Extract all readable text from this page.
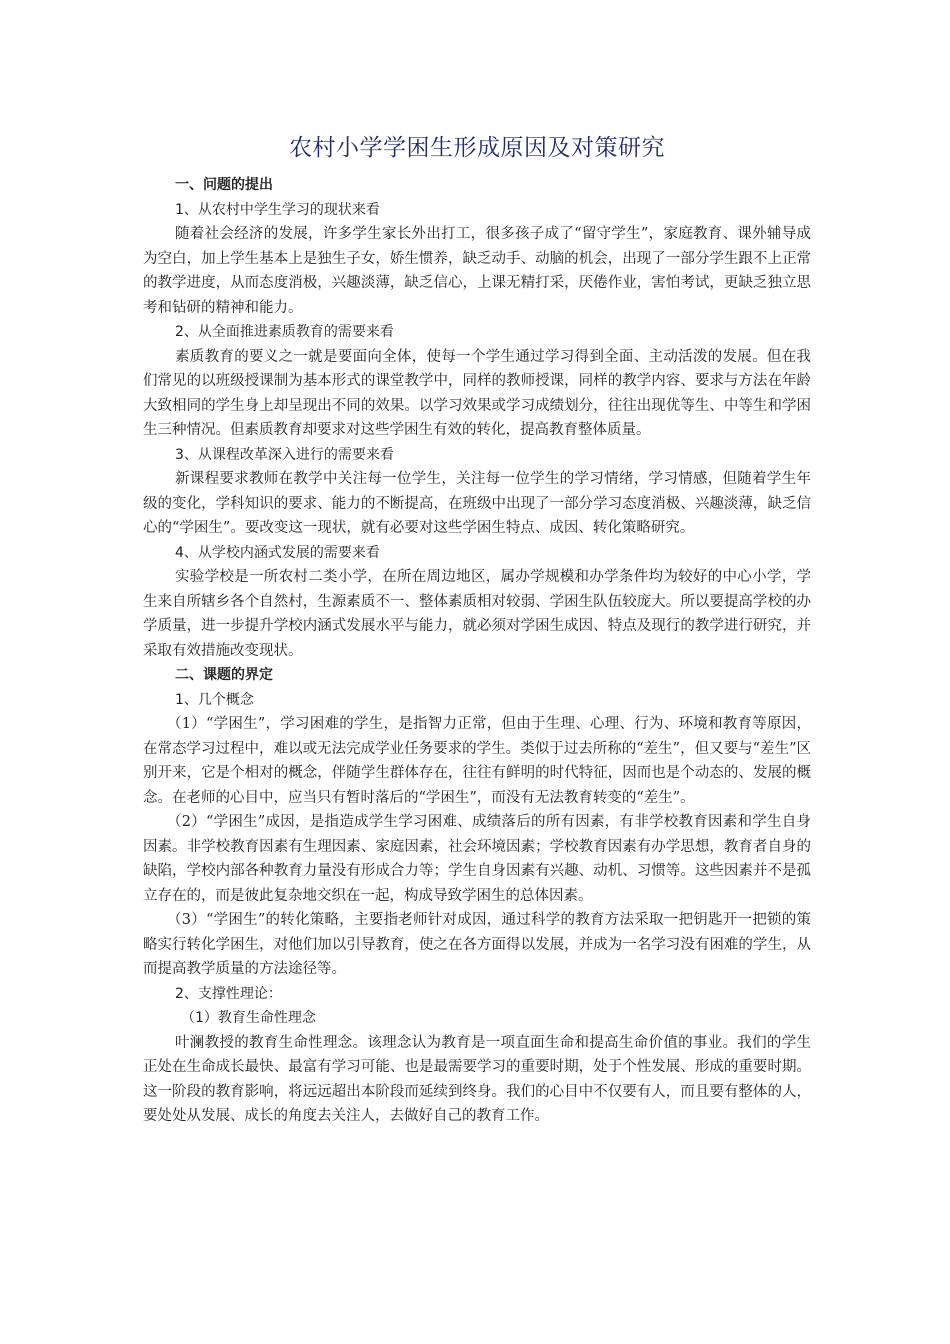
农村小学学困生形成原因及对策研究

一、问题的提出

1、从农村中学生学习的现状来看

随着社会经济的发展，许多学生家长外出打工，很多孩子成了“留守学生”，家庭教育、课外辅导成为空白，加上学生基本上是独生子女，娇生惯养，缺乏动手、动脑的机会，出现了一部分学生跟不上正常的教学进度，从而态度消极，兴趣淡薄，缺乏信心，上课无精打采，厌倦作业，害怕考试，更缺乏独立思考和钻研的精神和能力。

2、从全面推进素质教育的需要来看

素质教育的要义之一就是要面向全体，使每一个学生通过学习得到全面、主动活泼的发展。但在我们常见的以班级授课制为基本形式的课堂教学中，同样的教师授课，同样的教学内容、要求与方法在年龄大致相同的学生身上却呈现出不同的效果。以学习效果或学习成绩划分，往往出现优等生、中等生和学困生三种情况。但素质教育却要求对这些学困生有效的转化，提高教育整体质量。

3、从课程改革深入进行的需要来看

新课程要求教师在教学中关注每一位学生，关注每一位学生的学习情绪，学习情感，但随着学生年级的变化，学科知识的要求、能力的不断提高，在班级中出现了一部分学习态度消极、兴趣淡薄，缺乏信心的“学困生”。要改变这一现状，就有必要对这些学困生特点、成因、转化策略研究。

4、从学校内涵式发展的需要来看

实验学校是一所农村二类小学，在所在周边地区，属办学规模和办学条件均为较好的中心小学，学生来自所辖乡各个自然村，生源素质不一、整体素质相对较弱、学困生队伍较庞大。所以要提高学校的办学质量，进一步提升学校内涵式发展水平与能力，就必须对学困生成因、特点及现行的教学进行研究，并采取有效措施改变现状。

二、课题的界定

1、几个概念

（1）“学困生”，学习困难的学生，是指智力正常，但由于生理、心理、行为、环境和教育等原因，在常态学习过程中，难以或无法完成学业任务要求的学生。类似于过去所称的“差生”，但又要与“差生”区别开来，它是个相对的概念，伴随学生群体存在，往往有鲜明的时代特征，因而也是个动态的、发展的概念。在老师的心目中，应当只有暂时落后的“学困生”，而没有无法教育转变的“差生”。

（2）“学困生”成因，是指造成学生学习困难、成绩落后的所有因素，有非学校教育因素和学生自身因素。非学校教育因素有生理因素、家庭因素，社会环境因素；学校教育因素有办学思想，教育者自身的缺陷，学校内部各种教育力量没有形成合力等；学生自身因素有兴趣、动机、习惯等。这些因素并不是孤立存在的，而是彼此复杂地交织在一起，构成导致学困生的总体因素。

（3）“学困生”的转化策略，主要指老师针对成因，通过科学的教育方法采取一把钥匙开一把锁的策略实行转化学困生，对他们加以引导教育，使之在各方面得以发展，并成为一名学习没有困难的学生，从而提高教学质量的方法途径等。

2、支撑性理论：

（1）教育生命性理念

叶澜教授的教育生命性理念。该理念认为教育是一项直面生命和提高生命价值的事业。我们的学生正处在生命成长最快、最富有学习可能、也是最需要学习的重要时期，处于个性发展、形成的重要时期。这一阶段的教育影响，将远远超出本阶段而延续到终身。我们的心目中不仅要有人，而且要有整体的人，要处处从发展、成长的角度去关注人，去做好自己的教育工作。
